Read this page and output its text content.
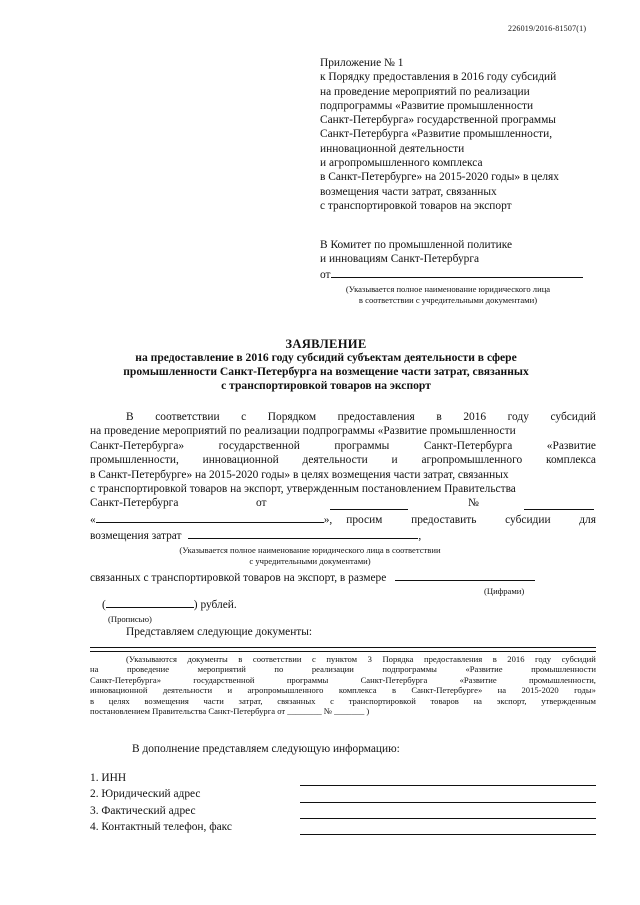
226019/2016-81507(1)
Приложение № 1
к Порядку предоставления в 2016 году субсидий
на проведение мероприятий по реализации
подпрограммы «Развитие промышленности
Санкт-Петербурга» государственной программы
Санкт-Петербурга «Развитие промышленности,
инновационной деятельности
и агропромышленного комплекса
в Санкт-Петербурге» на 2015-2020 годы» в целях
возмещения части затрат, связанных
с транспортировкой товаров на экспорт
В Комитет по промышленной политике
и инновациям Санкт-Петербурга
от
(Указывается полное наименование юридического лица
в соответствии с учредительными документами)
ЗАЯВЛЕНИЕ
на предоставление в 2016 году субсидий субъектам деятельности в сфере
промышленности Санкт-Петербурга на возмещение части затрат, связанных
с транспортировкой товаров на экспорт
В соответствии с Порядком предоставления в 2016 году субсидий
на проведение мероприятий по реализации подпрограммы «Развитие промышленности
Санкт-Петербурга»	государственной	программы	Санкт-Петербурга	«Развитие
промышленности, инновационной деятельности и агропромышленного комплекса
в Санкт-Петербурге» на 2015-2020 годы» в целях возмещения части затрат, связанных
с транспортировкой товаров на экспорт, утвержденным постановлением Правительства
Санкт-Петербурга	от	№
«	», просим	предоставить	субсидии	для
возмещения затрат	,
(Указывается полное наименование юридического лица в соответствии
с учредительными документами)
связанных с транспортировкой товаров на экспорт, в размере
(Цифрами)
(	) рублей.
(Прописью)
Представляем следующие документы:
(Указываются документы в соответствии с пунктом 3 Порядка предоставления в 2016 году субсидий
на	проведение	мероприятий	по	реализации	подпрограммы	«Развитие	промышленности
Санкт-Петербурга»	государственной	программы	Санкт-Петербурга	«Развитие	промышленности,
инновационной деятельности и агропромышленного комплекса в Санкт-Петербурге» на 2015-2020 годы»
в целях возмещения части затрат, связанных с транспортировкой товаров на экспорт, утвержденным
постановлением Правительства Санкт-Петербурга от ________ № _______ )
В дополнение представляем следующую информацию:
1. ИНН
2. Юридический адрес
3. Фактический адрес
4. Контактный телефон, факс
